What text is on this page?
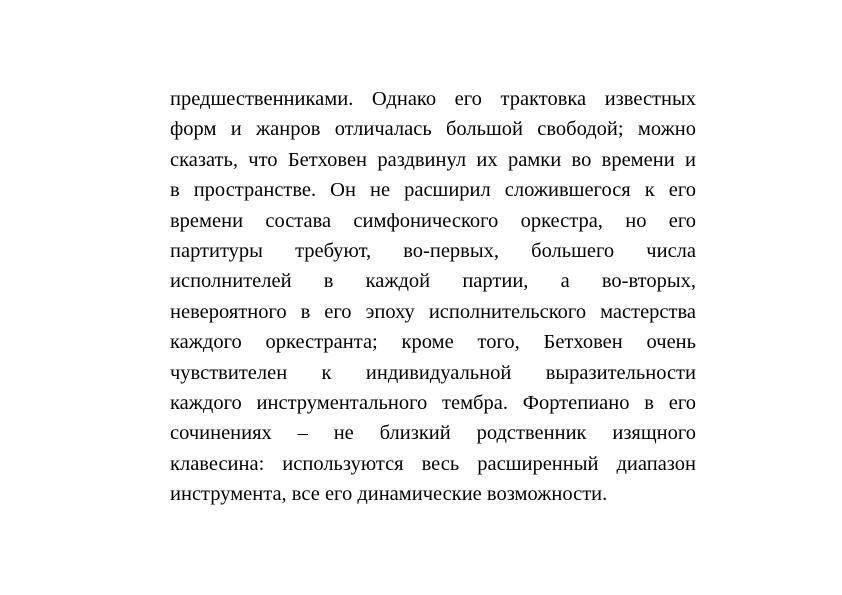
предшественниками. Однако его трактовка известных
форм и жанров отличалась большой свободой; можно
сказать, что Бетховен раздвинул их рамки во времени и
в пространстве. Он не расширил сложившегося к его
времени состава симфонического оркестра, но его
партитуры требуют, во-первых, большего числа
исполнителей в каждой партии, а во-вторых,
невероятного в его эпоху исполнительского мастерства
каждого оркестранта; кроме того, Бетховен очень
чувствителен к индивидуальной выразительности
каждого инструментального тембра. Фортепиано в его
сочинениях – не близкий родственник изящного
клавесина: используются весь расширенный диапазон
инструмента, все его динамические возможности.
